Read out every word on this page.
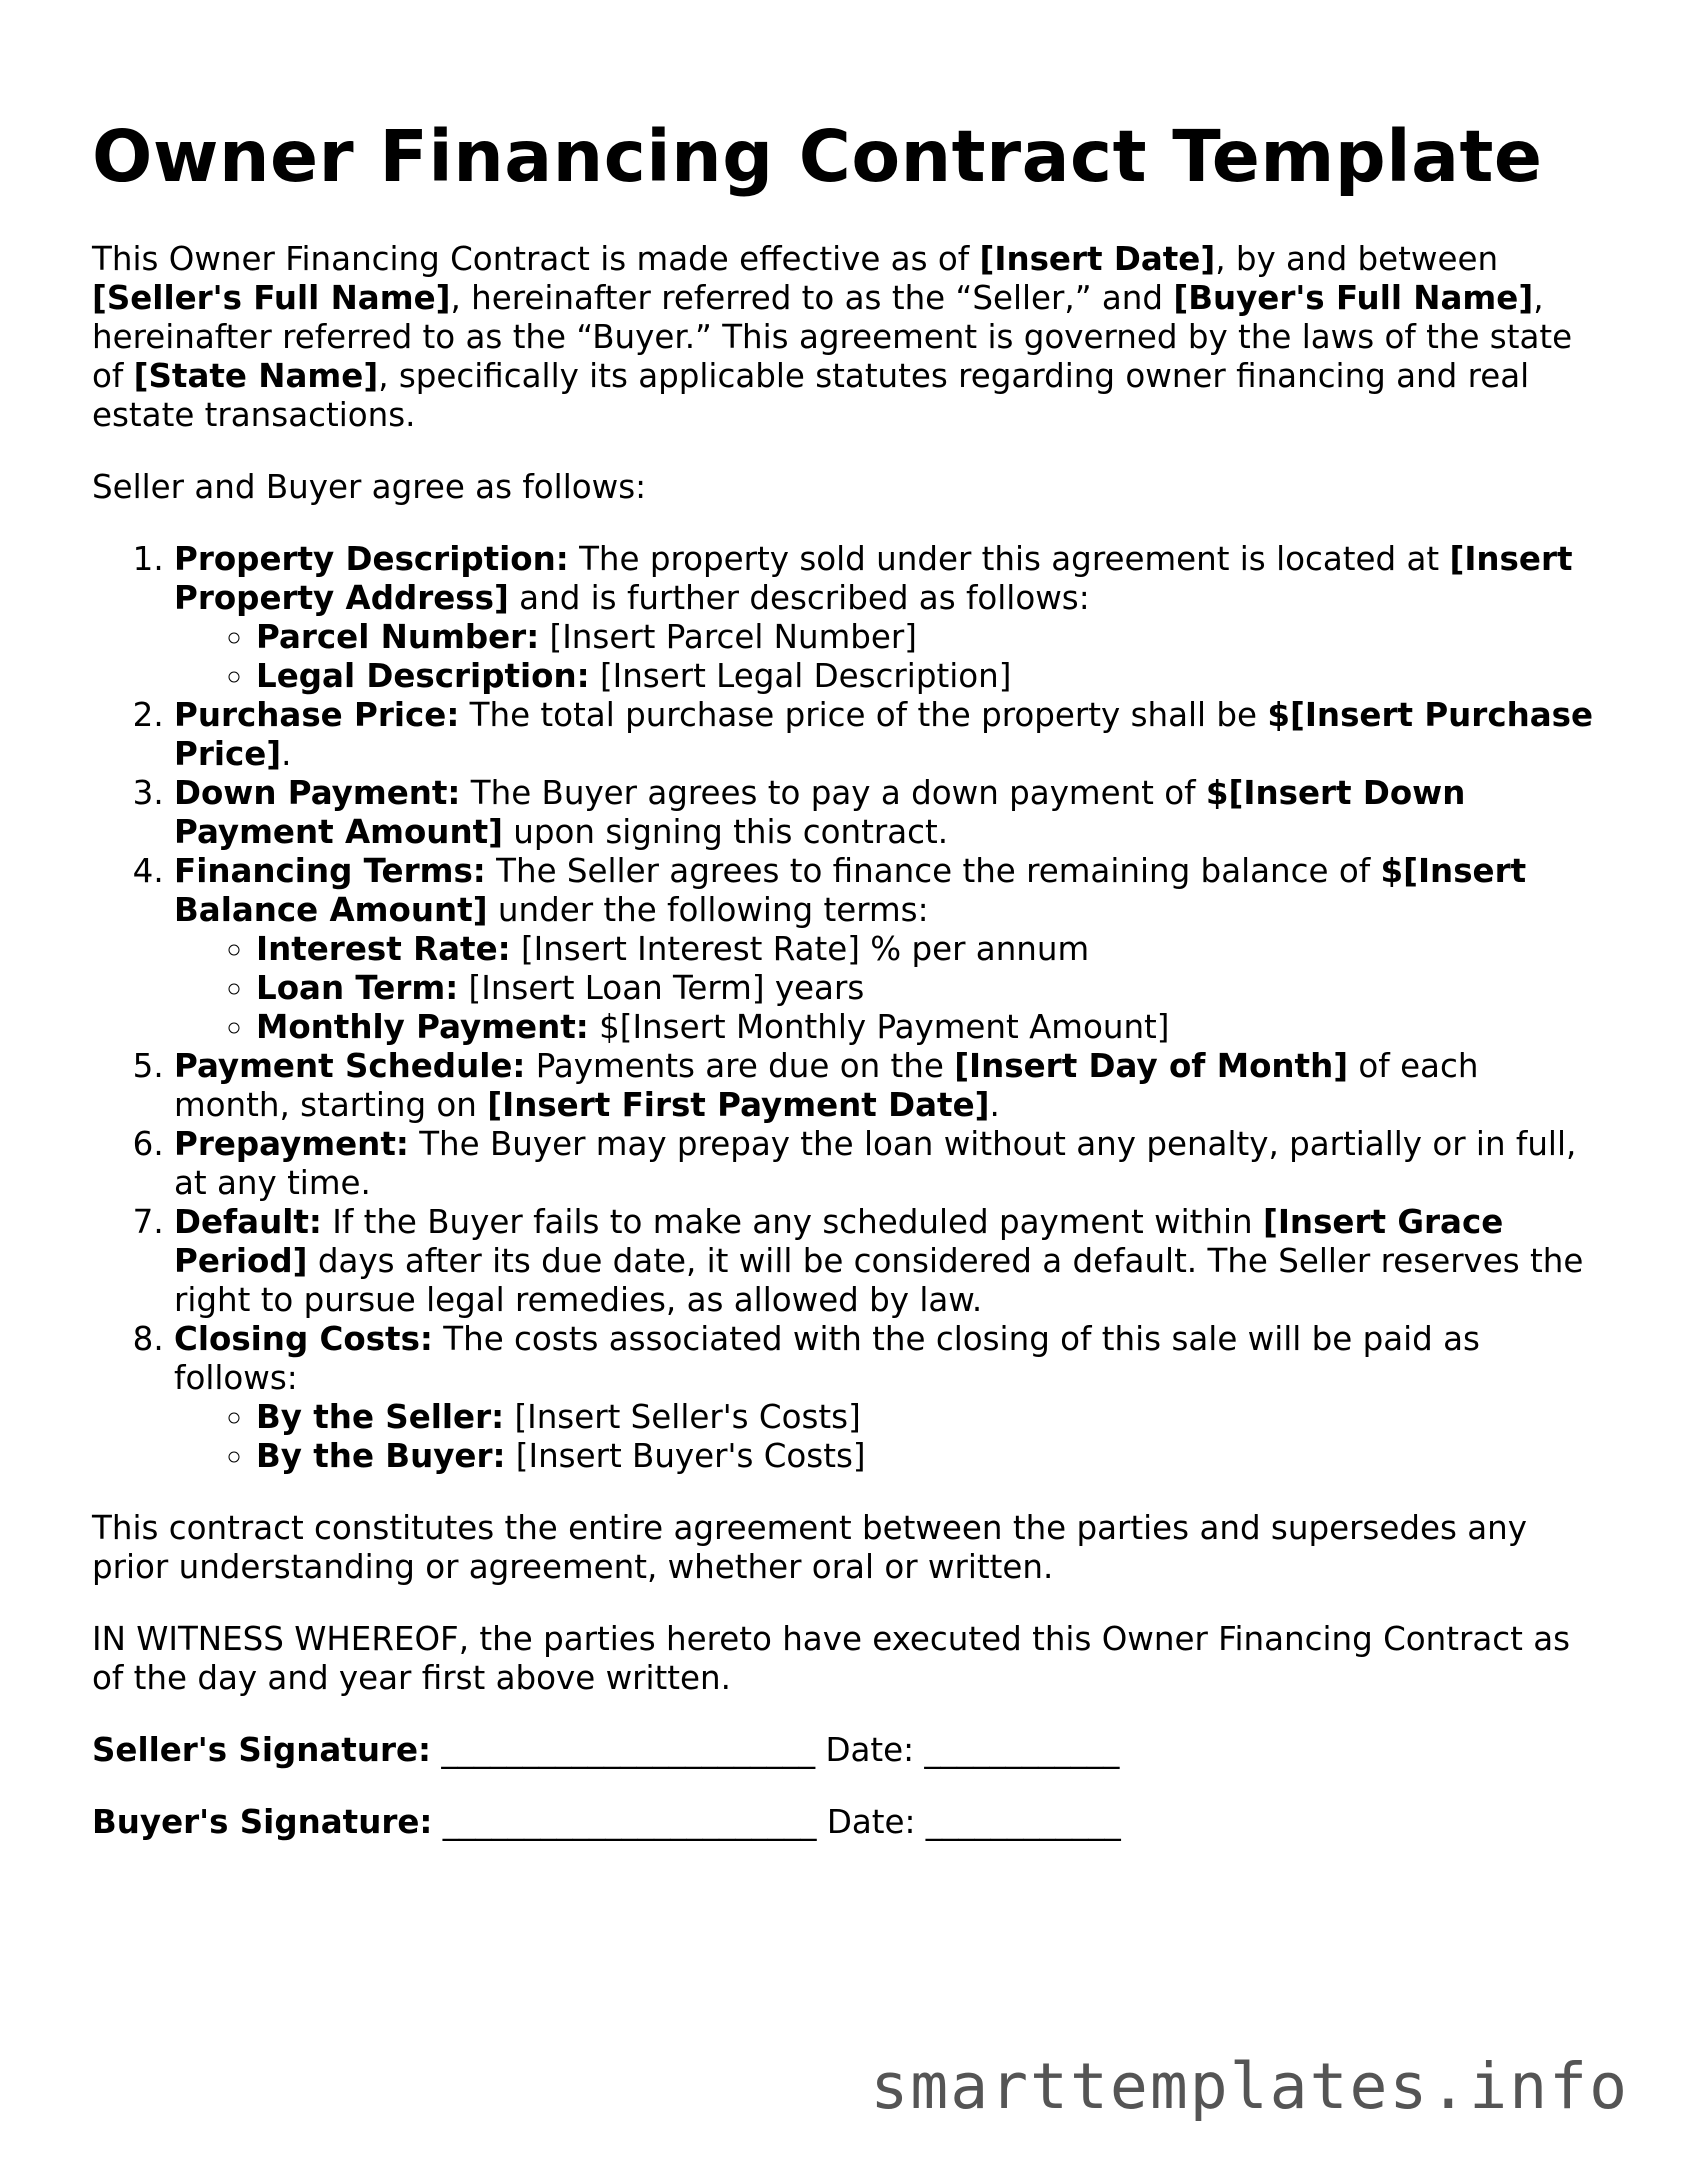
Owner Financing Contract Template

This Owner Financing Contract is made effective as of [Insert Date], by and between [Seller's Full Name], hereinafter referred to as the “Seller,” and [Buyer's Full Name], hereinafter referred to as the “Buyer.” This agreement is governed by the laws of the state of [State Name], specifically its applicable statutes regarding owner financing and real estate transactions.

Seller and Buyer agree as follows:

1. Property Description: The property sold under this agreement is located at [Insert Property Address] and is further described as follows:
◦ Parcel Number: [Insert Parcel Number]
◦ Legal Description: [Insert Legal Description]
2. Purchase Price: The total purchase price of the property shall be $[Insert Purchase Price].
3. Down Payment: The Buyer agrees to pay a down payment of $[Insert Down Payment Amount] upon signing this contract.
4. Financing Terms: The Seller agrees to finance the remaining balance of $[Insert Balance Amount] under the following terms:
◦ Interest Rate: [Insert Interest Rate] % per annum
◦ Loan Term: [Insert Loan Term] years
◦ Monthly Payment: $[Insert Monthly Payment Amount]
5. Payment Schedule: Payments are due on the [Insert Day of Month] of each month, starting on [Insert First Payment Date].
6. Prepayment: The Buyer may prepay the loan without any penalty, partially or in full, at any time.
7. Default: If the Buyer fails to make any scheduled payment within [Insert Grace Period] days after its due date, it will be considered a default. The Seller reserves the right to pursue legal remedies, as allowed by law.
8. Closing Costs: The costs associated with the closing of this sale will be paid as follows:
◦ By the Seller: [Insert Seller's Costs]
◦ By the Buyer: [Insert Buyer's Costs]

This contract constitutes the entire agreement between the parties and supersedes any prior understanding or agreement, whether oral or written.

IN WITNESS WHEREOF, the parties hereto have executed this Owner Financing Contract as of the day and year first above written.

Seller's Signature: _______________________ Date: ____________
Buyer's Signature: _______________________ Date: ____________
smarttemplates.info
